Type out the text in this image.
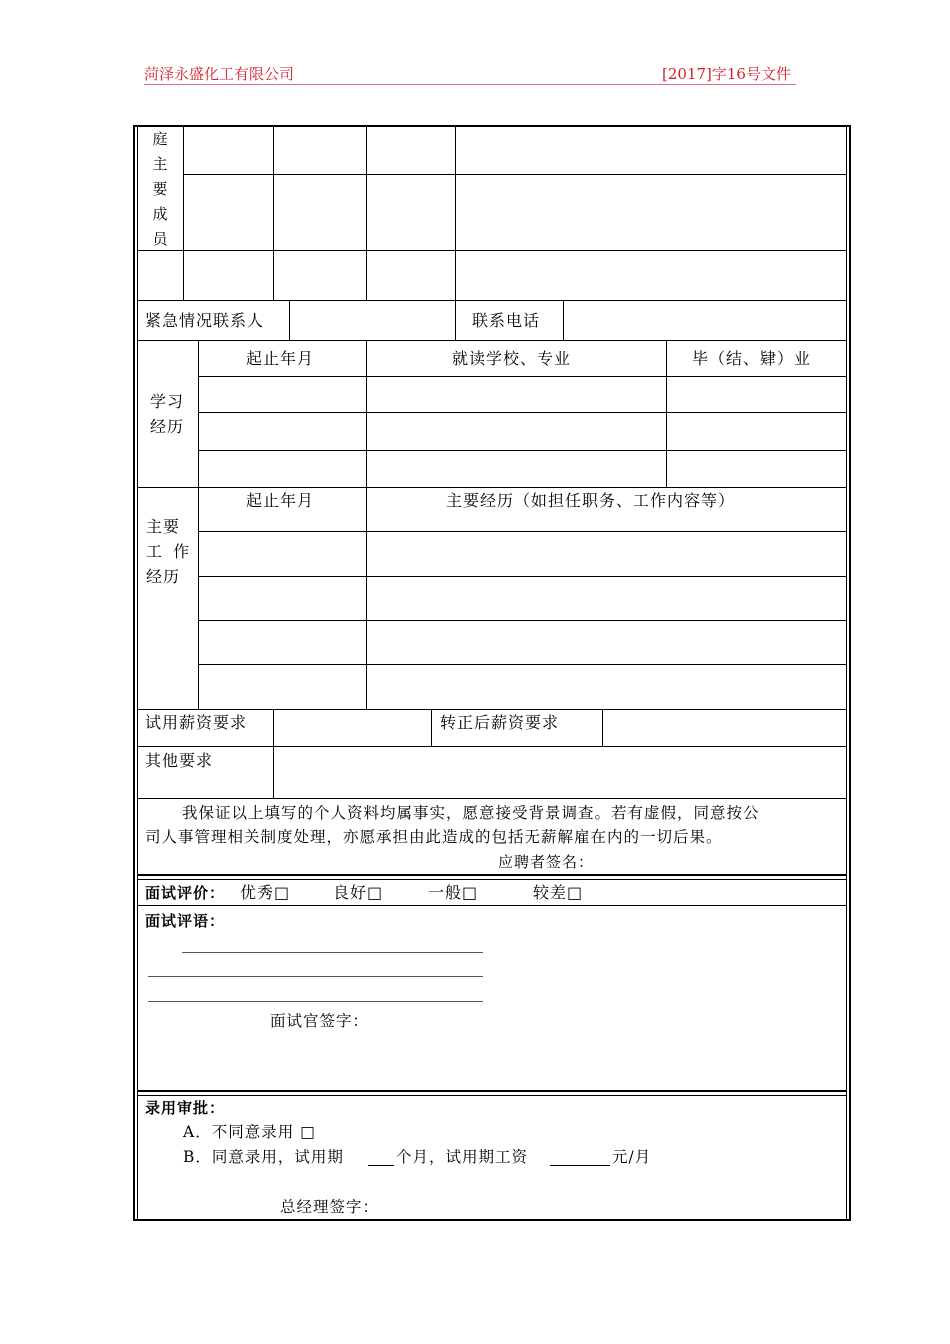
菏泽永盛化工有限公司	[2017]字16号文件
庭
主
要
成
员
紧急情况联系人	联系电话
学习
经历
起止年月	就读学校、专业	毕（结、肄）业
主要
工 作
经历
起止年月	主要经历（如担任职务、工作内容等）
试用薪资要求	转正后薪资要求
其他要求
我保证以上填写的个人资料均属事实，愿意接受背景调查。若有虚假，同意按公
司人事管理相关制度处理，亦愿承担由此造成的包括无薪解雇在内的一切后果。
应聘者签名：
面试评价： 优秀□	良好□	一般□	较差□
面试评语：
面试官签字：
录用审批：
A．不同意录用 □
B．同意录用，试用期	个月，试用期工资	元/月
总经理签字：
